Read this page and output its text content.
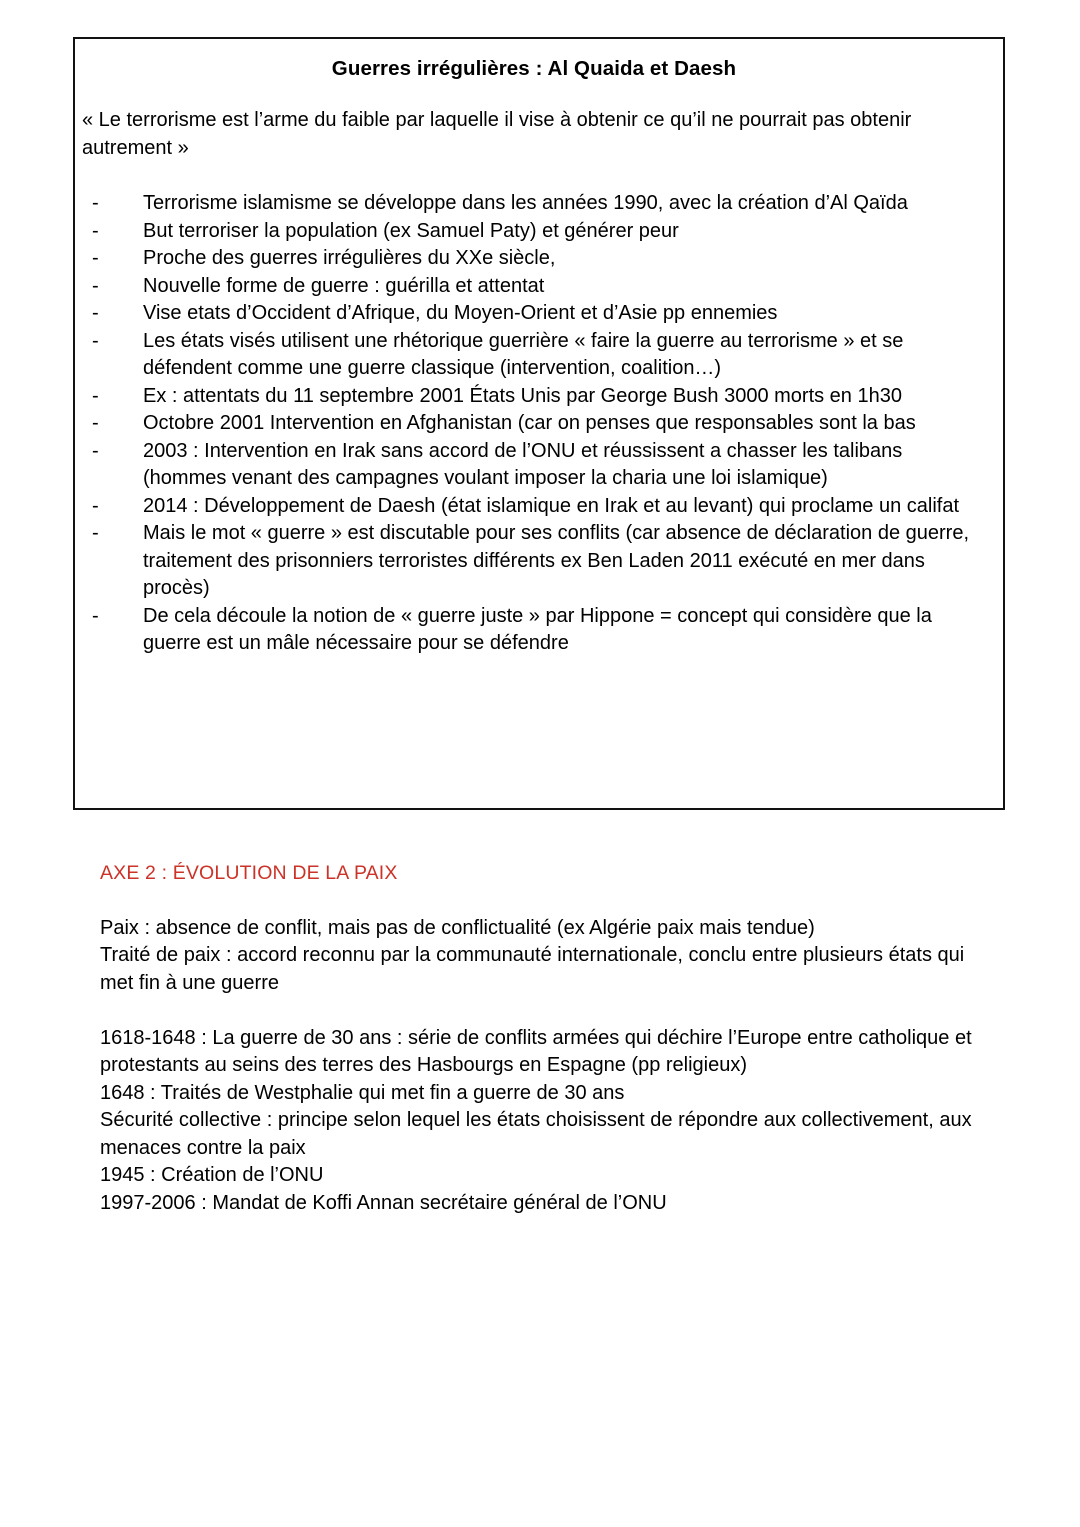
Guerres irrégulières : Al Quaida et Daesh

« Le terrorisme est l’arme du faible par laquelle il vise à obtenir ce qu’il ne pourrait pas obtenir autrement »

- Terrorisme islamisme se développe dans les années 1990, avec la création d’Al Qaïda
- But terroriser la population (ex Samuel Paty) et générer peur
- Proche des guerres irrégulières du XXe siècle,
- Nouvelle forme de guerre : guérilla et attentat
- Vise etats d’Occident d’Afrique, du Moyen-Orient et d’Asie pp ennemies
- Les états visés utilisent une rhétorique guerrière « faire la guerre au terrorisme » et se défendent comme une guerre classique (intervention, coalition…)
- Ex : attentats du 11 septembre 2001 États Unis par George Bush 3000 morts en 1h30
- Octobre 2001 Intervention en Afghanistan (car on penses que responsables sont la bas
- 2003 : Intervention en Irak sans accord de l’ONU et réussissent a chasser les talibans (hommes venant des campagnes voulant imposer la charia une loi islamique)
- 2014 : Développement de Daesh (état islamique en Irak et au levant) qui proclame un califat
- Mais le mot « guerre » est discutable pour ses conflits (car absence de déclaration de guerre, traitement des prisonniers terroristes différents ex Ben Laden 2011 exécuté en mer dans procès)
- De cela découle la notion de « guerre juste » par Hippone = concept qui considère que la guerre est un mâle nécessaire pour se défendre
AXE 2 : ÉVOLUTION DE LA PAIX

Paix : absence de conflit, mais pas de conflictualité (ex Algérie paix mais tendue)
Traité de paix : accord reconnu par la communauté internationale, conclu entre plusieurs états qui met fin à une guerre

1618-1648 : La guerre de 30 ans : série de conflits armées qui déchire l’Europe entre catholique et protestants au seins des terres des Hasbourgs en Espagne (pp religieux)
1648 : Traités de Westphalie qui met fin a guerre de 30 ans
Sécurité collective : principe selon lequel les états choisissent de répondre aux collectivement, aux menaces contre la paix
1945 : Création de l’ONU
1997-2006 : Mandat de Koffi Annan secrétaire général de l’ONU
